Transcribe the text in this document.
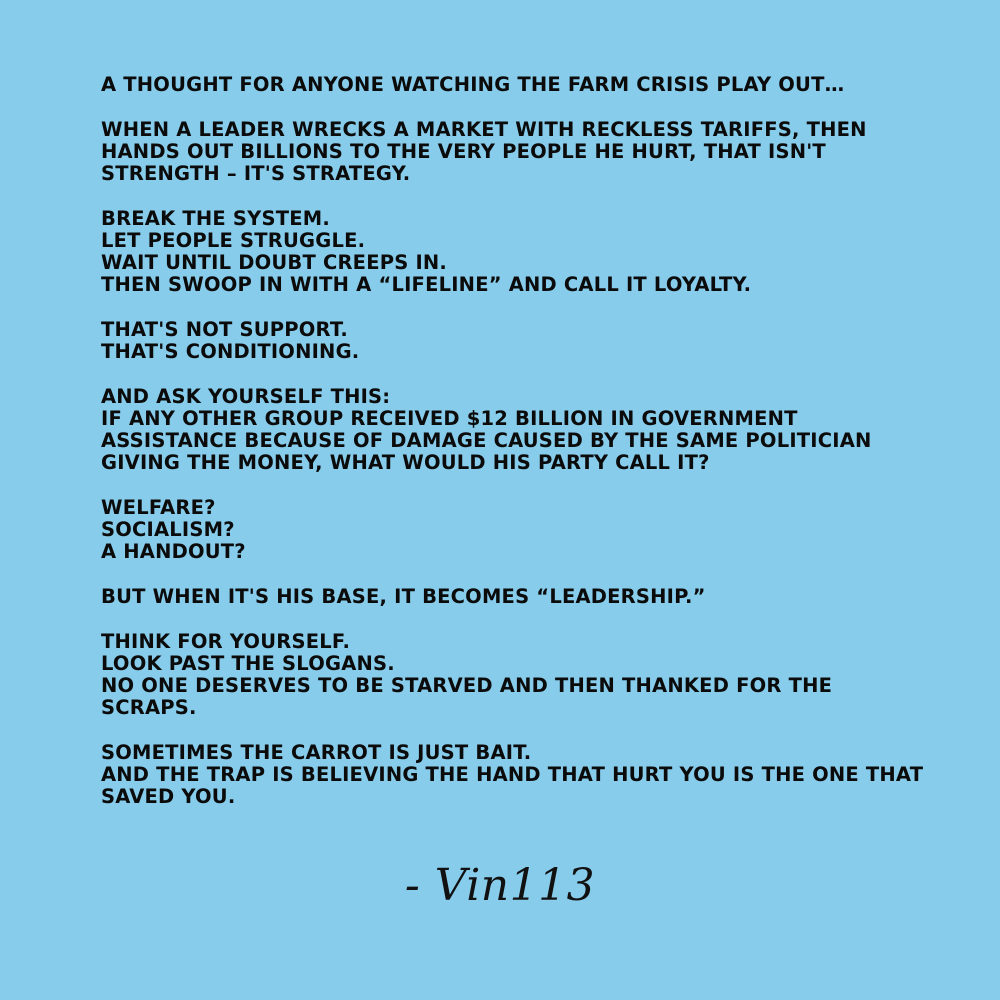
A THOUGHT FOR ANYONE WATCHING THE FARM CRISIS PLAY OUT…
WHEN A LEADER WRECKS A MARKET WITH RECKLESS TARIFFS, THEN
HANDS OUT BILLIONS TO THE VERY PEOPLE HE HURT, THAT ISN'T
STRENGTH – IT'S STRATEGY.
BREAK THE SYSTEM.
LET PEOPLE STRUGGLE.
WAIT UNTIL DOUBT CREEPS IN.
THEN SWOOP IN WITH A “LIFELINE” AND CALL IT LOYALTY.
THAT'S NOT SUPPORT.
THAT'S CONDITIONING.
AND ASK YOURSELF THIS:
IF ANY OTHER GROUP RECEIVED $12 BILLION IN GOVERNMENT
ASSISTANCE BECAUSE OF DAMAGE CAUSED BY THE SAME POLITICIAN
GIVING THE MONEY, WHAT WOULD HIS PARTY CALL IT?
WELFARE?
SOCIALISM?
A HANDOUT?
BUT WHEN IT'S HIS BASE, IT BECOMES “LEADERSHIP.”
THINK FOR YOURSELF.
LOOK PAST THE SLOGANS.
NO ONE DESERVES TO BE STARVED AND THEN THANKED FOR THE
SCRAPS.
SOMETIMES THE CARROT IS JUST BAIT.
AND THE TRAP IS BELIEVING THE HAND THAT HURT YOU IS THE ONE THAT
SAVED YOU.
- Vin113
